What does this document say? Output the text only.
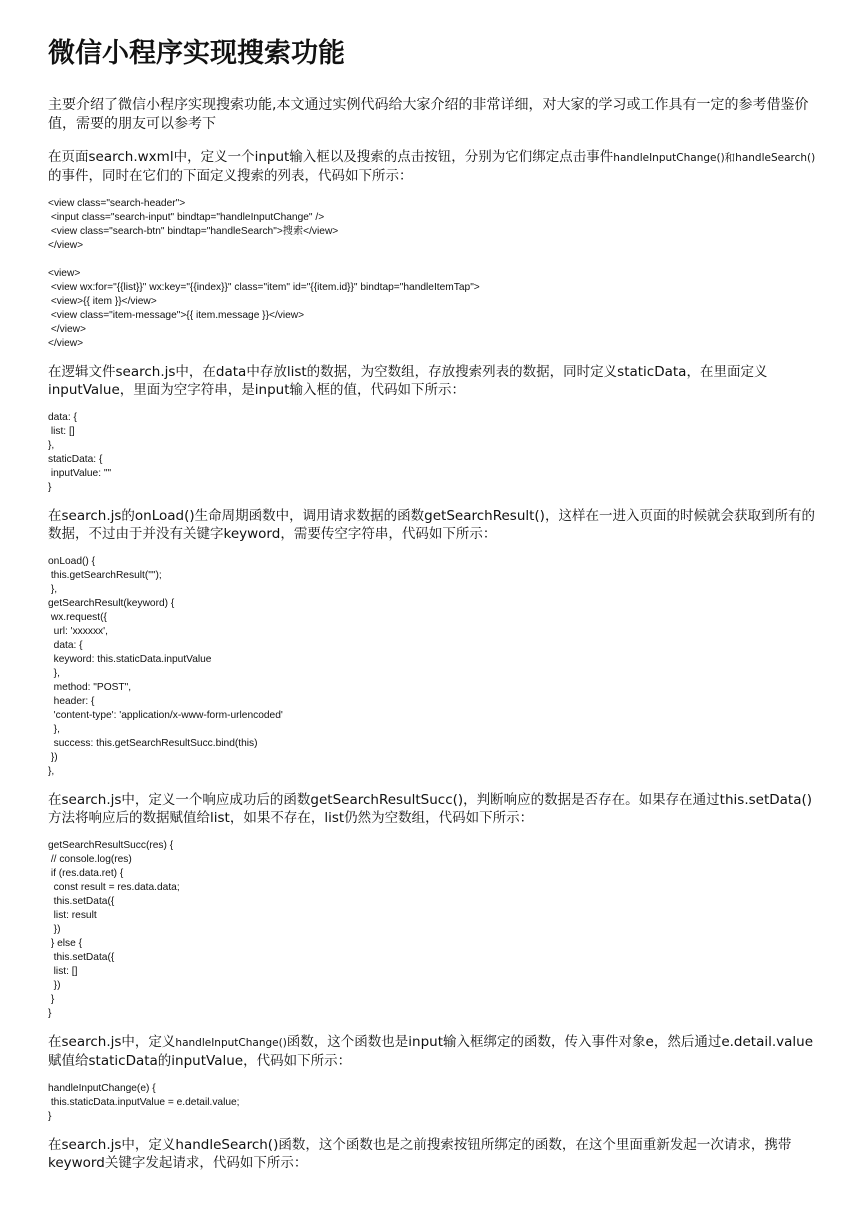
微信小程序实现搜索功能

主要介绍了微信小程序实现搜索功能,本文通过实例代码给大家介绍的非常详细，对大家的学习或工作具有一定的参考借鉴价值，需要的朋友可以参考下

在页面search.wxml中，定义一个input输入框以及搜索的点击按钮，分别为它们绑定点击事件handleInputChange()和handleSearch()的事件，同时在它们的下面定义搜索的列表，代码如下所示：

<view class="search-header">
<input class="search-input" bindtap="handleInputChange" />
<view class="search-btn" bindtap="handleSearch">搜索</view>
</view>

<view>
<view wx:for="{{list}}" wx:key="{{index}}" class="item" id="{{item.id}}" bindtap="handleItemTap">
<view>{{ item }}</view>
<view class="item-message">{{ item.message }}</view>
</view>
</view>

在逻辑文件search.js中，在data中存放list的数据，为空数组，存放搜索列表的数据，同时定义staticData，在里面定义inputValue，里面为空字符串，是input输入框的值，代码如下所示：

data: {
list: []
},
staticData: {
inputValue: ""
}

在search.js的onLoad()生命周期函数中，调用请求数据的函数getSearchResult()，这样在一进入页面的时候就会获取到所有的数据，不过由于并没有关键字keyword，需要传空字符串，代码如下所示：

onLoad() {
this.getSearchResult("");
},
getSearchResult(keyword) {
wx.request({
url: 'xxxxxx',
data: {
keyword: this.staticData.inputValue
},
method: "POST",
header: {
'content-type': 'application/x-www-form-urlencoded'
},
success: this.getSearchResultSucc.bind(this)
})
},

在search.js中，定义一个响应成功后的函数getSearchResultSucc()，判断响应的数据是否存在。如果存在通过this.setData()方法将响应后的数据赋值给list，如果不存在，list仍然为空数组，代码如下所示：

getSearchResultSucc(res) {
// console.log(res)
if (res.data.ret) {
const result = res.data.data;
this.setData({
list: result
})
} else {
this.setData({
list: []
})
}
}

在search.js中，定义handleInputChange()函数，这个函数也是input输入框绑定的函数，传入事件对象e，然后通过e.detail.value赋值给staticData的inputValue，代码如下所示：

handleInputChange(e) {
this.staticData.inputValue = e.detail.value;
}

在search.js中，定义handleSearch()函数，这个函数也是之前搜索按钮所绑定的函数，在这个里面重新发起一次请求，携带keyword关键字发起请求，代码如下所示：
